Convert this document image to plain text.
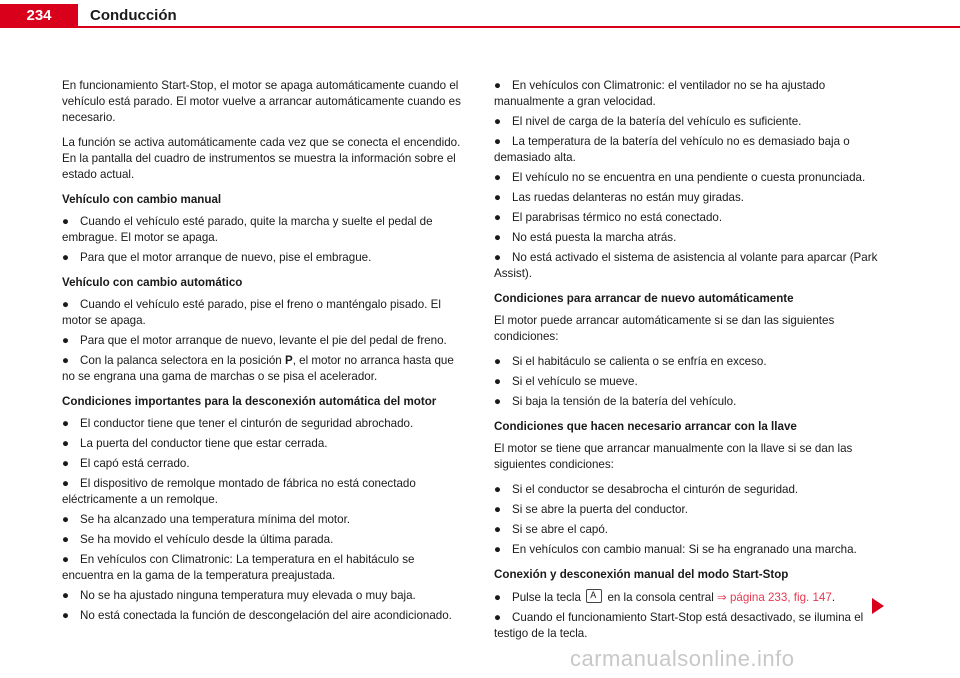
234	Conducción

En funcionamiento Start-Stop, el motor se apaga automáticamente cuando el vehículo está parado. El motor vuelve a arrancar automáticamente cuando es necesario.

La función se activa automáticamente cada vez que se conecta el encendido. En la pantalla del cuadro de instrumentos se muestra la información sobre el estado actual.

Vehículo con cambio manual
● Cuando el vehículo esté parado, quite la marcha y suelte el pedal de embrague. El motor se apaga.
● Para que el motor arranque de nuevo, pise el embrague.
Vehículo con cambio automático
● Cuando el vehículo esté parado, pise el freno o manténgalo pisado. El motor se apaga.
● Para que el motor arranque de nuevo, levante el pie del pedal de freno.
● Con la palanca selectora en la posición P, el motor no arranca hasta que no se engrana una gama de marchas o se pisa el acelerador.
Condiciones importantes para la desconexión automática del motor
● El conductor tiene que tener el cinturón de seguridad abrochado.
● La puerta del conductor tiene que estar cerrada.
● El capó está cerrado.
● El dispositivo de remolque montado de fábrica no está conectado eléctricamente a un remolque.
● Se ha alcanzado una temperatura mínima del motor.
● Se ha movido el vehículo desde la última parada.
● En vehículos con Climatronic: La temperatura en el habitáculo se encuentra en la gama de la temperatura preajustada.
● No se ha ajustado ninguna temperatura muy elevada o muy baja.
● No está conectada la función de descongelación del aire acondicionado.
● En vehículos con Climatronic: el ventilador no se ha ajustado manualmente a gran velocidad.
● El nivel de carga de la batería del vehículo es suficiente.
● La temperatura de la batería del vehículo no es demasiado baja o demasiado alta.
● El vehículo no se encuentra en una pendiente o cuesta pronunciada.
● Las ruedas delanteras no están muy giradas.
● El parabrisas térmico no está conectado.
● No está puesta la marcha atrás.
● No está activado el sistema de asistencia al volante para aparcar (Park Assist).
Condiciones para arrancar de nuevo automáticamente

El motor puede arrancar automáticamente si se dan las siguientes condiciones:

● Si el habitáculo se calienta o se enfría en exceso.
● Si el vehículo se mueve.
● Si baja la tensión de la batería del vehículo.
Condiciones que hacen necesario arrancar con la llave

El motor se tiene que arrancar manualmente con la llave si se dan las siguientes condiciones:

● Si el conductor se desabrocha el cinturón de seguridad.
● Si se abre la puerta del conductor.
● Si se abre el capó.
● En vehículos con cambio manual: Si se ha engranado una marcha.
Conexión y desconexión manual del modo Start-Stop
● Pulse la tecla A en la consola central ⇒ página 233, fig. 147.
● Cuando el funcionamiento Start-Stop está desactivado, se ilumina el testigo de la tecla.
carmanualsonline.info
